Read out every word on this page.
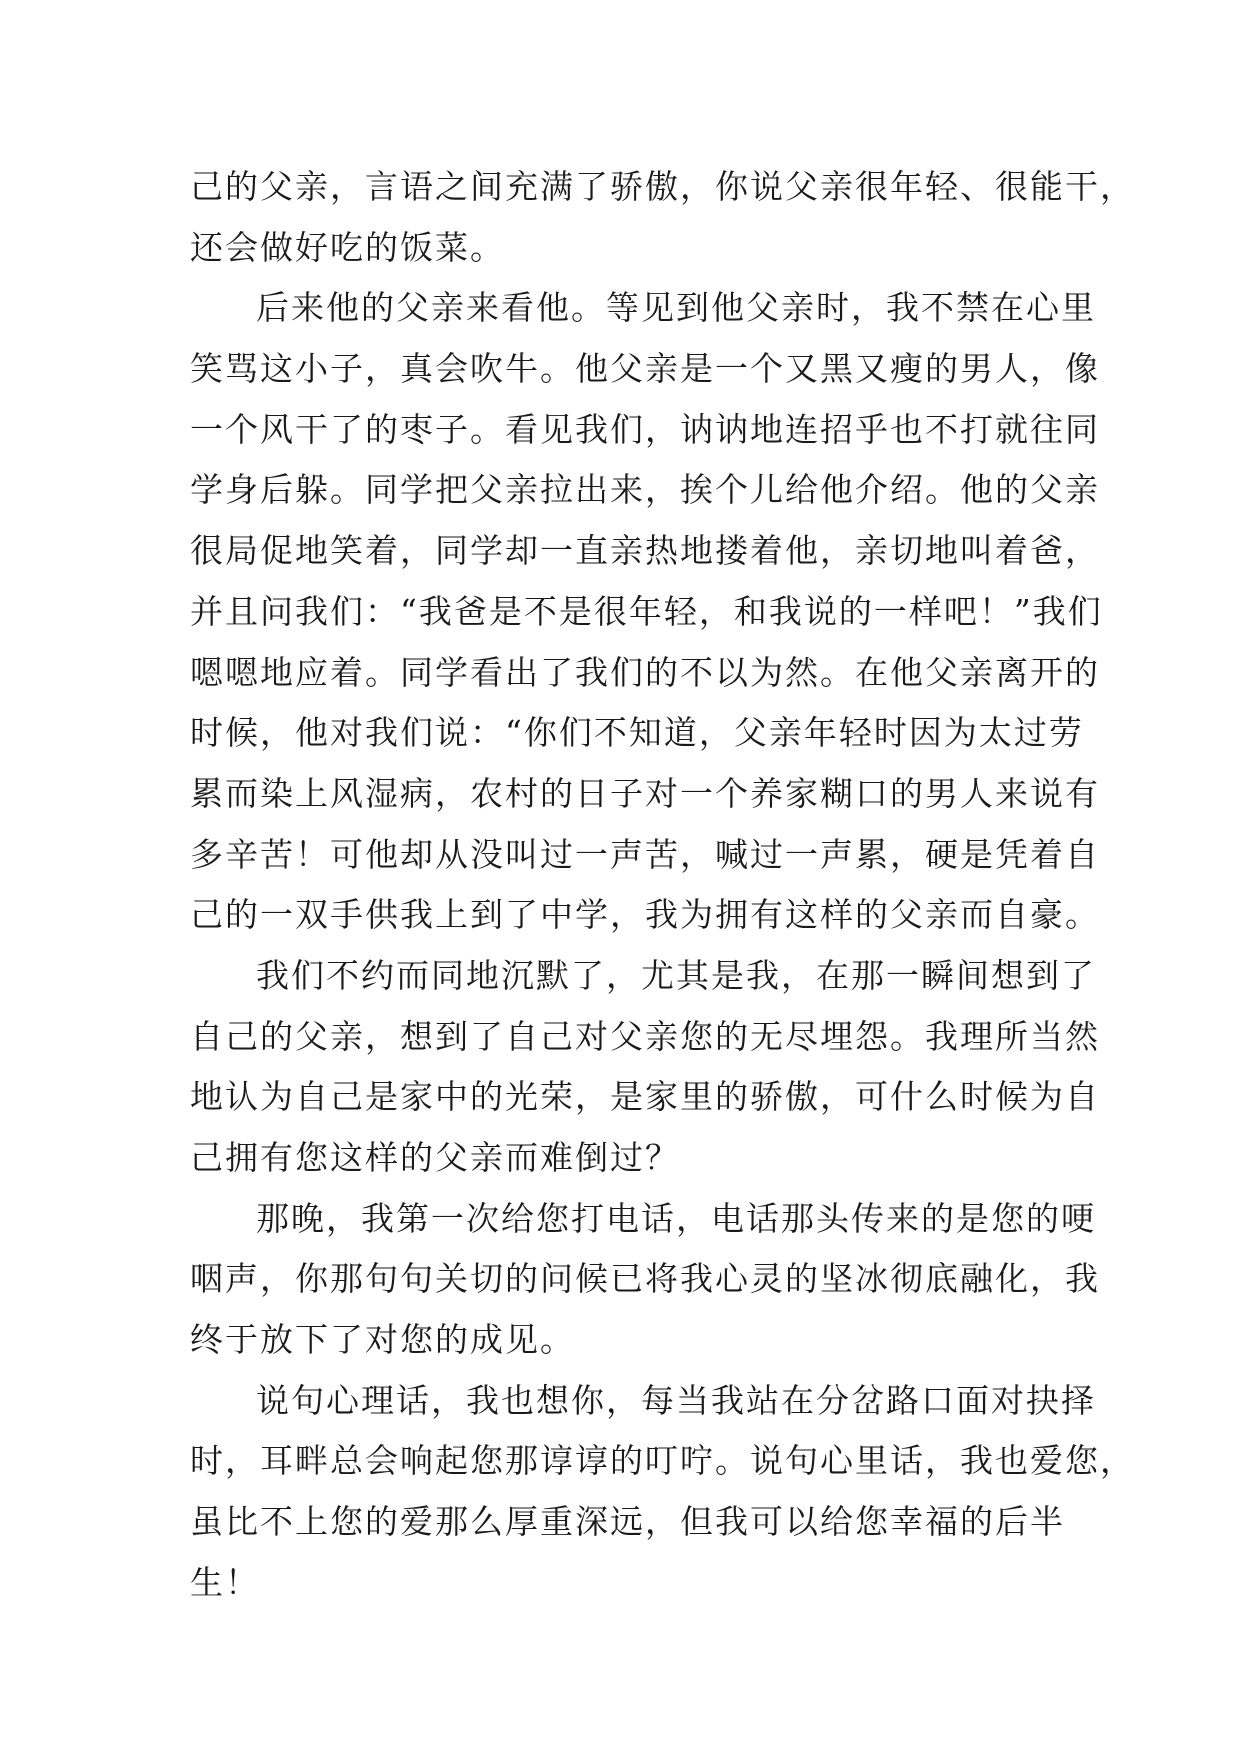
己的父亲，言语之间充满了骄傲，你说父亲很年轻、很能干，
还会做好吃的饭菜。
后来他的父亲来看他。等见到他父亲时，我不禁在心里
笑骂这小子，真会吹牛。他父亲是一个又黑又瘦的男人，像
一个风干了的枣子。看见我们，讷讷地连招乎也不打就往同
学身后躲。同学把父亲拉出来，挨个儿给他介绍。他的父亲
很局促地笑着，同学却一直亲热地搂着他，亲切地叫着爸，
并且问我们：“我爸是不是很年轻，和我说的一样吧！”我们
嗯嗯地应着。同学看出了我们的不以为然。在他父亲离开的
时候，他对我们说：“你们不知道，父亲年轻时因为太过劳
累而染上风湿病，农村的日子对一个养家糊口的男人来说有
多辛苦！可他却从没叫过一声苦，喊过一声累，硬是凭着自
己的一双手供我上到了中学，我为拥有这样的父亲而自豪。
我们不约而同地沉默了，尤其是我，在那一瞬间想到了
自己的父亲，想到了自己对父亲您的无尽埋怨。我理所当然
地认为自己是家中的光荣，是家里的骄傲，可什么时候为自
己拥有您这样的父亲而难倒过？
那晚，我第一次给您打电话，电话那头传来的是您的哽
咽声，你那句句关切的问候已将我心灵的坚冰彻底融化，我
终于放下了对您的成见。
说句心理话，我也想你，每当我站在分岔路口面对抉择
时，耳畔总会响起您那谆谆的叮咛。说句心里话，我也爱您，
虽比不上您的爱那么厚重深远，但我可以给您幸福的后半
生！
